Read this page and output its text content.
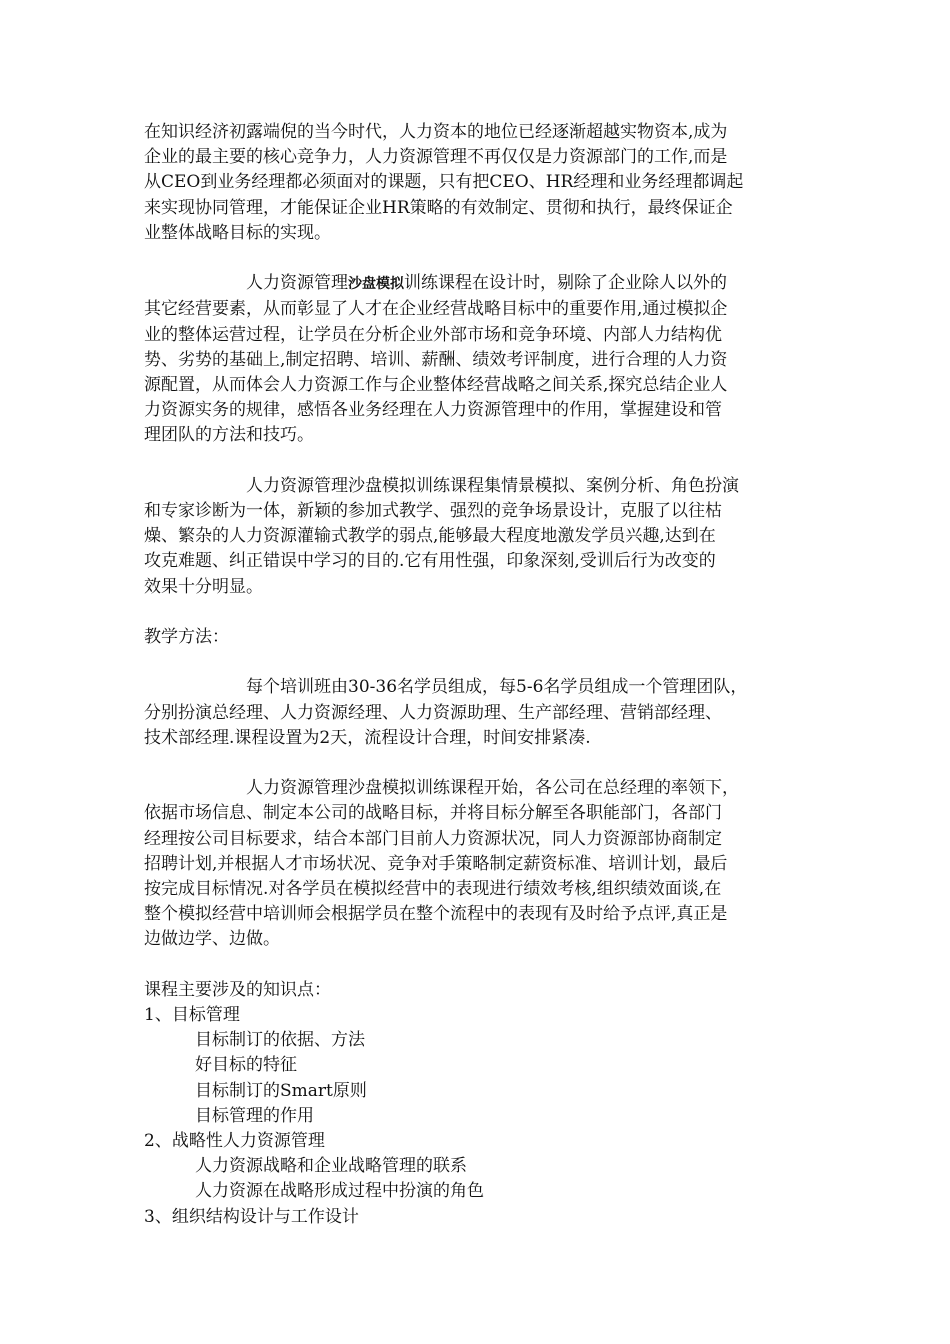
在知识经济初露端倪的当今时代，人力资本的地位已经逐渐超越实物资本,成为
企业的最主要的核心竞争力，人力资源管理不再仅仅是力资源部门的工作,而是
从CEO到业务经理都必须面对的课题，只有把CEO、HR经理和业务经理都调起
来实现协同管理，才能保证企业HR策略的有效制定、贯彻和执行，最终保证企
业整体战略目标的实现。

人力资源管理沙盘模拟训练课程在设计时，剔除了企业除人以外的
其它经营要素，从而彰显了人才在企业经营战略目标中的重要作用,通过模拟企
业的整体运营过程，让学员在分析企业外部市场和竞争环境、内部人力结构优
势、劣势的基础上,制定招聘、培训、薪酬、绩效考评制度，进行合理的人力资
源配置，从而体会人力资源工作与企业整体经营战略之间关系,探究总结企业人
力资源实务的规律，感悟各业务经理在人力资源管理中的作用，掌握建设和管
理团队的方法和技巧。

人力资源管理沙盘模拟训练课程集情景模拟、案例分析、角色扮演
和专家诊断为一体，新颖的参加式教学、强烈的竞争场景设计，克服了以往枯
燥、繁杂的人力资源灌输式教学的弱点,能够最大程度地激发学员兴趣,达到在
攻克难题、纠正错误中学习的目的.它有用性强，印象深刻,受训后行为改变的
效果十分明显。

教学方法：

每个培训班由30-36名学员组成，每5-6名学员组成一个管理团队，
分别扮演总经理、人力资源经理、人力资源助理、生产部经理、营销部经理、
技术部经理.课程设置为2天，流程设计合理，时间安排紧凑.

人力资源管理沙盘模拟训练课程开始，各公司在总经理的率领下，
依据市场信息、制定本公司的战略目标，并将目标分解至各职能部门，各部门
经理按公司目标要求，结合本部门目前人力资源状况，同人力资源部协商制定
招聘计划,并根据人才市场状况、竞争对手策略制定薪资标准、培训计划，最后
按完成目标情况.对各学员在模拟经营中的表现进行绩效考核,组织绩效面谈,在
整个模拟经营中培训师会根据学员在整个流程中的表现有及时给予点评,真正是
边做边学、边做。

课程主要涉及的知识点：

1、目标管理

目标制订的依据、方法

好目标的特征

目标制订的Smart原则

目标管理的作用

2、战略性人力资源管理

人力资源战略和企业战略管理的联系

人力资源在战略形成过程中扮演的角色

3、组织结构设计与工作设计
